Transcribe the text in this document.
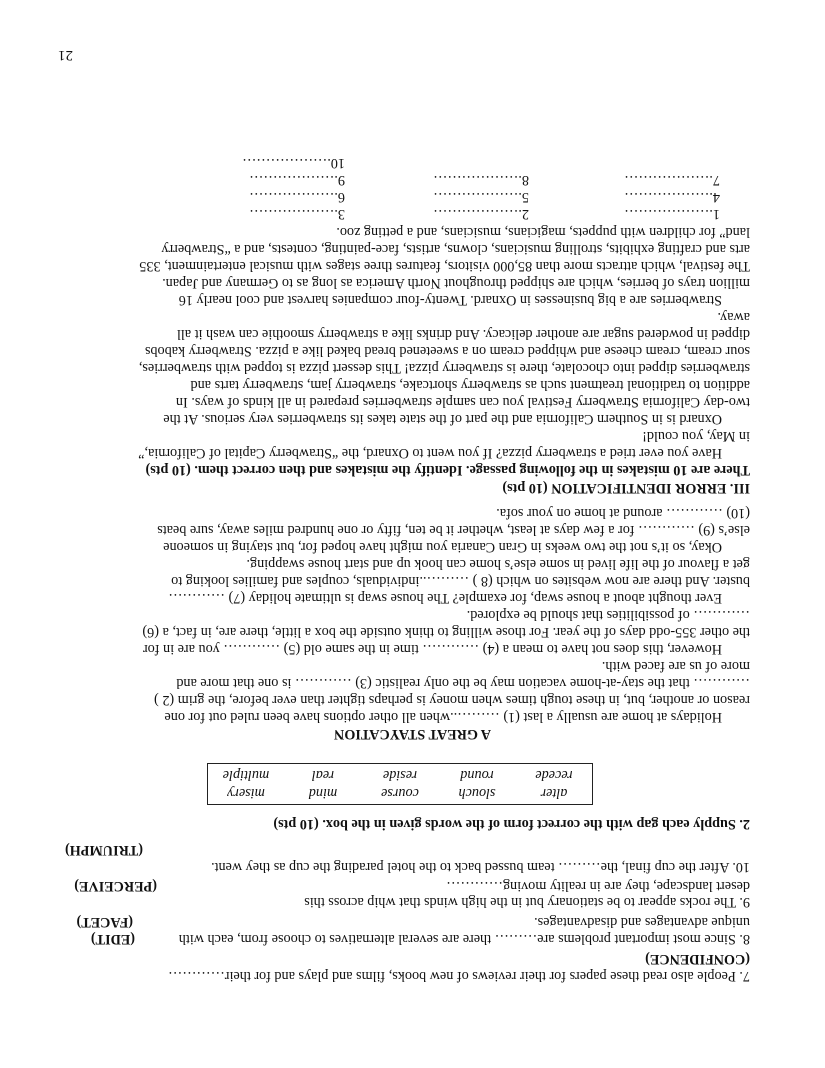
21
7. People also read these papers for their reviews of new books, films and plays and for their…………
(CONFIDENCE)
8. Since most important problems are……… there are several alternatives to choose from, each with
(EDIT)
unique advantages and disadvantages.
(FACET)
9. The rocks appear to be stationary but in the high winds that whip across this
desert landscape, they are in reality moving…………
(PERCEIVE)
10. After the cup final, the……… team bussed back to the hotel parading the cup as they went.
(TRIUMPH)
2. Supply each gap with the correct form of the words given in the box. (10 pts)
alter
slouch
course
mind
misery
recede
round
reside
real
multiple
A GREAT STAYCATION
Holidays at home are usually a last (1) ………..when all other options have been ruled out for one
reason or another, but, in these tough times when money is perhaps tighter than ever before, the grim (2 )
………… that the stay-at-home vacation may be the only realistic (3) ………… is one that more and
more of us are faced with.
However, this does not have to mean a (4) ………… time in the same old (5) ………… you are in for
the other 355-odd days of the year. For those willing to think outside the box a little, there are, in fact, a (6)
………… of possibilities that should be explored.
Ever thought about a house swap, for example? The house swap is ultimate holiday (7) …………
buster. And there are now websites on which (8 ) ………..individuals, couples and families looking to
get a flavour of the life lived in some else’s home can hook up and start house swapping.
Okay, so it’s not the two weeks in Gran Canaria you might have hoped for, but staying in someone
else’s (9) ………… for a few days at least, whether it be ten, fifty or one hundred miles away, sure beats
(10) ………… around at home on your sofa.
III. ERROR IDENTIFICATION (10 pts)
There are 10 mistakes in the following passage. Identify the mistakes and then correct them. (10 pts)
Have you ever tried a strawberry pizza? If you went to Oxnard, the “Strawberry Capital of California,”
in May, you could!
Oxnard is in Southern California and the part of the state takes its strawberries very serious. At the
two-day California Strawberry Festival you can sample strawberries prepared in all kinds of ways. In
addition to traditional treatment such as strawberry shortcake, strawberry jam, strawberry tarts and
strawberries dipped into chocolate, there is strawberry pizza! This dessert pizza is topped with strawberries,
sour cream, cream cheese and whipped cream on a sweetened bread baked like a pizza. Strawberry kabobs
dipped in powdered sugar are another delicacy. And drinks like a strawberry smoothie can wash it all
away.
Strawberries are a big businesses in Oxnard. Twenty-four companies harvest and cool nearly 16
million trays of berries, which are shipped throughout North America as long as to Germany and Japan.
The festival, which attracts more than 85,000 visitors, features three stages with musical entertainment, 335
arts and crafting exhibits, strolling musicians, clowns, artists, face-painting, contests, and a “Strawberry
land” for children with puppets, magicians, musicians, and a petting zoo.
1.………………
2.………………
3.………………
4.………………
5.………………
6.………………
7.………………
8.………………
9.………………
10.………………
